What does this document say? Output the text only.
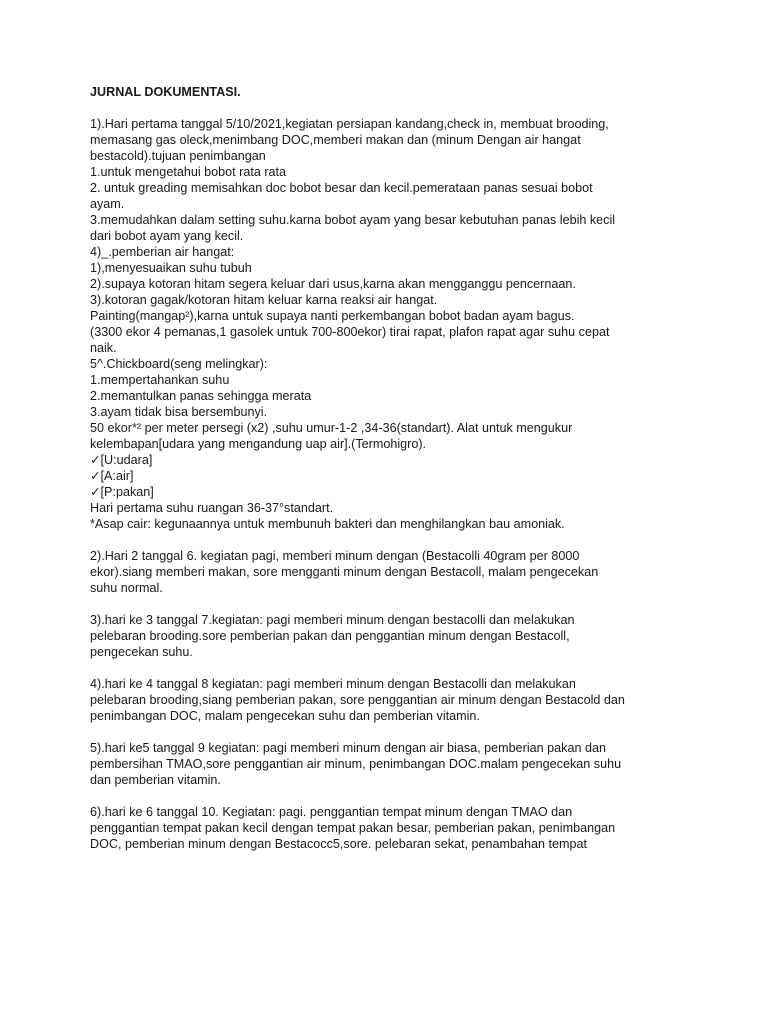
JURNAL DOKUMENTASI.
1).Hari pertama tanggal 5/10/2021,kegiatan persiapan kandang,check in, membuat brooding,
memasang gas oleck,menimbang DOC,memberi makan dan (minum Dengan air hangat
bestacold).tujuan penimbangan
1.untuk mengetahui bobot rata rata
2. untuk greading memisahkan doc bobot besar dan kecil.pemerataan panas sesuai bobot
ayam.
3.memudahkan dalam setting suhu.karna bobot ayam yang besar kebutuhan panas lebih kecil
dari bobot ayam yang kecil.
4)_.pemberian air hangat:
1),menyesuaikan suhu tubuh
2).supaya kotoran hitam segera keluar dari usus,karna akan mengganggu pencernaan.
3).kotoran gagak/kotoran hitam keluar karna reaksi air hangat.
Painting(mangap²),karna untuk supaya nanti perkembangan bobot badan ayam bagus.
(3300 ekor 4 pemanas,1 gasolek untuk 700-800ekor) tirai rapat, plafon rapat agar suhu cepat
naik.
5^.Chickboard(seng melingkar):
1.mempertahankan suhu
2.memantulkan panas sehingga merata
3.ayam tidak bisa bersembunyi.
50 ekor*² per meter persegi (x2) ,suhu umur-1-2 ,34-36(standart). Alat untuk mengukur
kelembapan[udara yang mengandung uap air].(Termohigro).
✓[U:udara]
✓[A:air]
✓[P:pakan]
Hari pertama suhu ruangan 36-37°standart.
*Asap cair: kegunaannya untuk membunuh bakteri dan menghilangkan bau amoniak.
2).Hari 2 tanggal 6. kegiatan pagi, memberi minum dengan (Bestacolli 40gram per 8000
ekor).siang memberi makan, sore mengganti minum dengan Bestacoll, malam pengecekan
suhu normal.
3).hari ke 3 tanggal 7.kegiatan: pagi memberi minum dengan bestacolli dan melakukan
pelebaran brooding.sore pemberian pakan dan penggantian minum dengan Bestacoll,
pengecekan suhu.
4).hari ke 4 tanggal 8 kegiatan: pagi memberi minum dengan Bestacolli dan melakukan
pelebaran brooding,siang pemberian pakan, sore penggantian air minum dengan Bestacold dan
penimbangan DOC, malam pengecekan suhu dan pemberian vitamin.
5).hari ke5 tanggal 9 kegiatan: pagi memberi minum dengan air biasa, pemberian pakan dan
pembersihan TMAO,sore penggantian air minum, penimbangan DOC.malam pengecekan suhu
dan pemberian vitamin.
6).hari ke 6 tanggal 10. Kegiatan: pagi. penggantian tempat minum dengan TMAO dan
penggantian tempat pakan kecil dengan tempat pakan besar, pemberian pakan, penimbangan
DOC, pemberian minum dengan Bestacocc5,sore. pelebaran sekat, penambahan tempat
